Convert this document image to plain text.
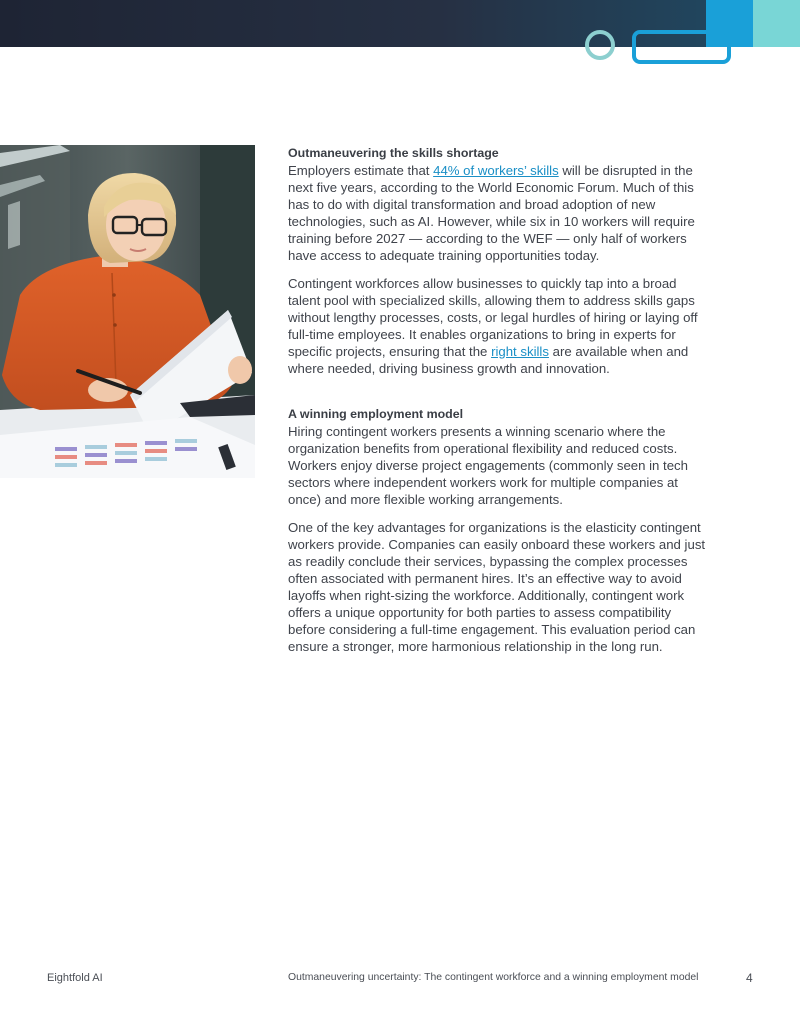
Outmaneuvering the skills shortage

Employers estimate that 44% of workers’ skills will be disrupted in the next five years, according to the World Economic Forum. Much of this has to do with digital transformation and broad adoption of new technologies, such as AI. However, while six in 10 workers will require training before 2027 — according to the WEF — only half of workers have access to adequate training opportunities today.

Contingent workforces allow businesses to quickly tap into a broad talent pool with specialized skills, allowing them to address skills gaps without lengthy processes, costs, or legal hurdles of hiring or laying off full-time employees. It enables organizations to bring in experts for specific projects, ensuring that the right skills are available when and where needed, driving business growth and innovation.

A winning employment model

Hiring contingent workers presents a winning scenario where the organization benefits from operational flexibility and reduced costs. Workers enjoy diverse project engagements (commonly seen in tech sectors where independent workers work for multiple companies at once) and more flexible working arrangements.

One of the key advantages for organizations is the elasticity contingent workers provide. Companies can easily onboard these workers and just as readily conclude their services, bypassing the complex processes often associated with permanent hires. It’s an effective way to avoid layoffs when right-sizing the workforce. Additionally, contingent work offers a unique opportunity for both parties to assess compatibility before considering a full-time engagement. This evaluation period can ensure a stronger, more harmonious relationship in the long run.

Eightfold AI	Outmaneuvering uncertainty: The contingent workforce and a winning employment model	4
